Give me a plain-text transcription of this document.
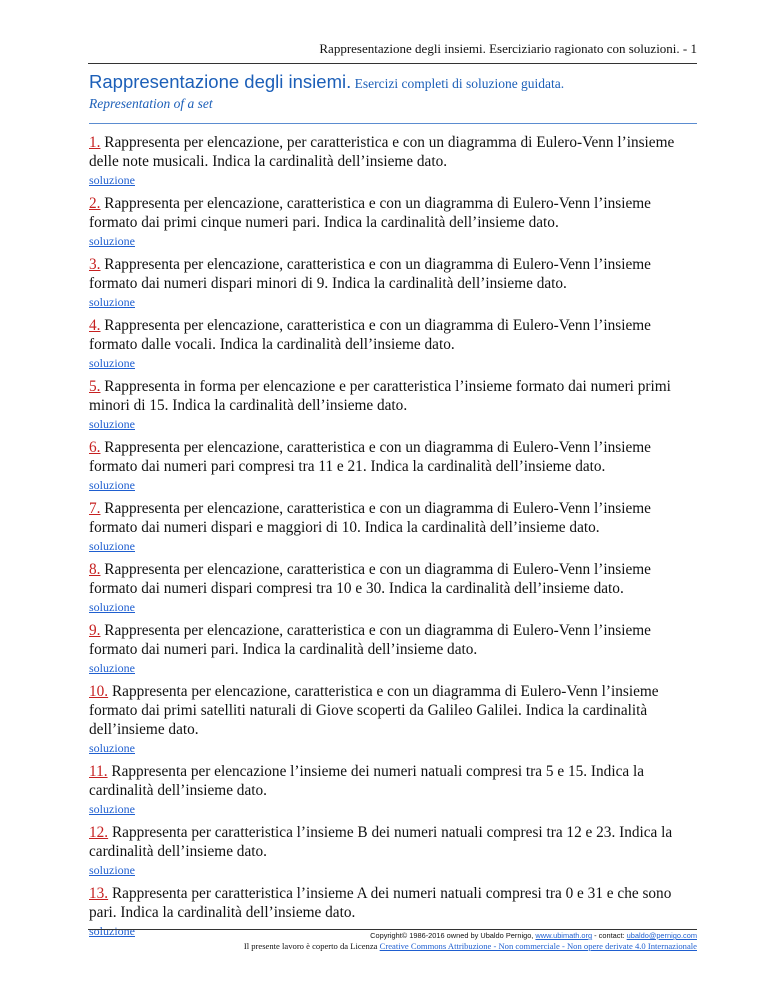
Rappresentazione degli insiemi. Eserciziario ragionato con soluzioni. - 1

Rappresentazione degli insiemi. Esercizi completi di soluzione guidata.

Representation of a set

1. Rappresenta per elencazione, per caratteristica e con un diagramma di Eulero-Venn l’insieme delle note musicali. Indica la cardinalità dell’insieme dato.

soluzione

2. Rappresenta per elencazione, caratteristica e con un diagramma di Eulero-Venn l’insieme formato dai primi cinque numeri pari. Indica la cardinalità dell’insieme dato.

soluzione

3. Rappresenta per elencazione, caratteristica e con un diagramma di Eulero-Venn l’insieme formato dai numeri dispari minori di 9. Indica la cardinalità dell’insieme dato.

soluzione

4. Rappresenta per elencazione, caratteristica e con un diagramma di Eulero-Venn l’insieme formato dalle vocali. Indica la cardinalità dell’insieme dato.

soluzione

5. Rappresenta in forma per elencazione e per caratteristica l’insieme formato dai numeri primi minori di 15. Indica la cardinalità dell’insieme dato.

soluzione

6. Rappresenta per elencazione, caratteristica e con un diagramma di Eulero-Venn l’insieme formato dai numeri pari compresi tra 11 e 21. Indica la cardinalità dell’insieme dato.

soluzione

7. Rappresenta per elencazione, caratteristica e con un diagramma di Eulero-Venn l’insieme formato dai numeri dispari e maggiori di 10. Indica la cardinalità dell’insieme dato.

soluzione

8. Rappresenta per elencazione, caratteristica e con un diagramma di Eulero-Venn l’insieme formato dai numeri dispari compresi tra 10 e 30. Indica la cardinalità dell’insieme dato.

soluzione

9. Rappresenta per elencazione, caratteristica e con un diagramma di Eulero-Venn l’insieme formato dai numeri pari. Indica la cardinalità dell’insieme dato.

soluzione

10. Rappresenta per elencazione, caratteristica e con un diagramma di Eulero-Venn l’insieme formato dai primi satelliti naturali di Giove scoperti da Galileo Galilei. Indica la cardinalità dell’insieme dato.

soluzione

11. Rappresenta per elencazione l’insieme dei numeri natuali compresi tra 5 e 15. Indica la cardinalità dell’insieme dato.

soluzione

12. Rappresenta per caratteristica l’insieme B dei numeri natuali compresi tra 12 e 23. Indica la cardinalità dell’insieme dato.

soluzione

13. Rappresenta per caratteristica l’insieme A dei numeri natuali compresi tra 0 e 31 e che sono pari. Indica la cardinalità dell’insieme dato.

soluzione	Copyright© 1986-2016 owned by Ubaldo Pernigo, www.ubimath.org - contact: ubaldo@pernigo.com
Il presente lavoro è coperto da Licenza Creative Commons Attribuzione - Non commerciale - Non opere derivate 4.0 Internazionale
